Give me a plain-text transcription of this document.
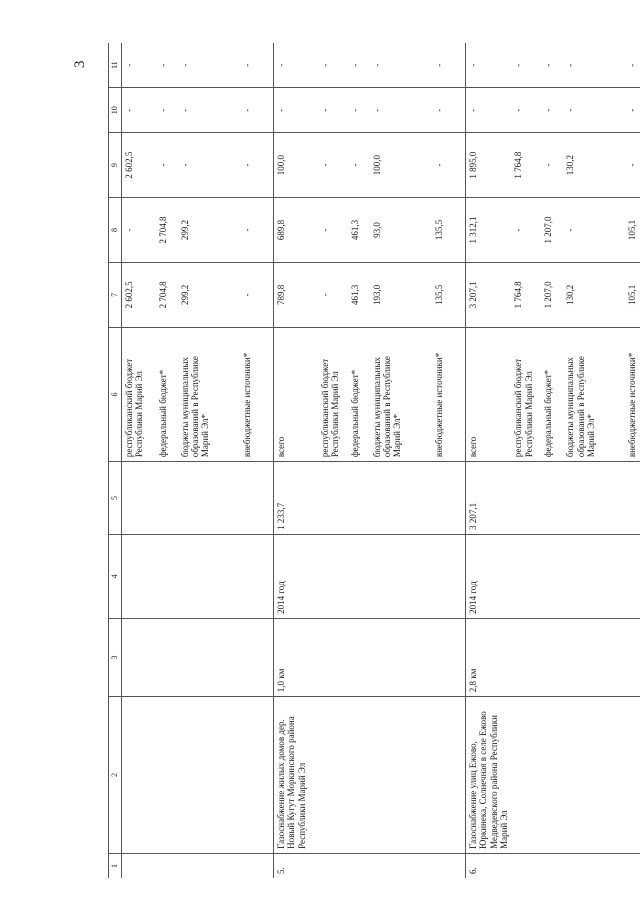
3
1	2	3	4	5	6	7	8	9	10	11
					республиканский бюджет Республики Марий Эл	2 602,5	-	2 602,5	-	-
					федеральный бюджет*	2 704,8	2 704,8	-	-	-
					бюджеты муниципальных образований в Республике Марий Эл*	299,2	299,2	-	-	-
					внебюджетные источники*	-	-	-	-	-
5.	Газоснабжение жилых домов дер. Новый Кугут Моркинского района Республики Марий Эл	1,0 км	2014 год	1 233,7	всего	789,8	689,8	100,0	-	-
					республиканский бюджет Республики Марий Эл	-	-	-	-	-
					федеральный бюджет*	461,3	461,3	-	-	-
					бюджеты муниципальных образований в Республике Марий Эл*	193,0	93,0	100,0	-	-
					внебюджетные источники*	135,5	135,5	-	-	-
6.	Газоснабжение улиц Ежово, Юркинека, Солнечная в селе Ежово Медведевского района Республики Марий Эл	2,8 км	2014 год	3 207,1	всего	3 207,1	1 312,1	1 895,0	-	-
					республиканский бюджет Республики Марий Эл	1 764,8	-	1 764,8	-	-
					федеральный бюджет*	1 207,0	1 207,0	-	-	-
					бюджеты муниципальных образований в Республике Марий Эл*	130,2	-	130,2	-	-
					внебюджетные источники*	105,1	105,1	-	-	-
